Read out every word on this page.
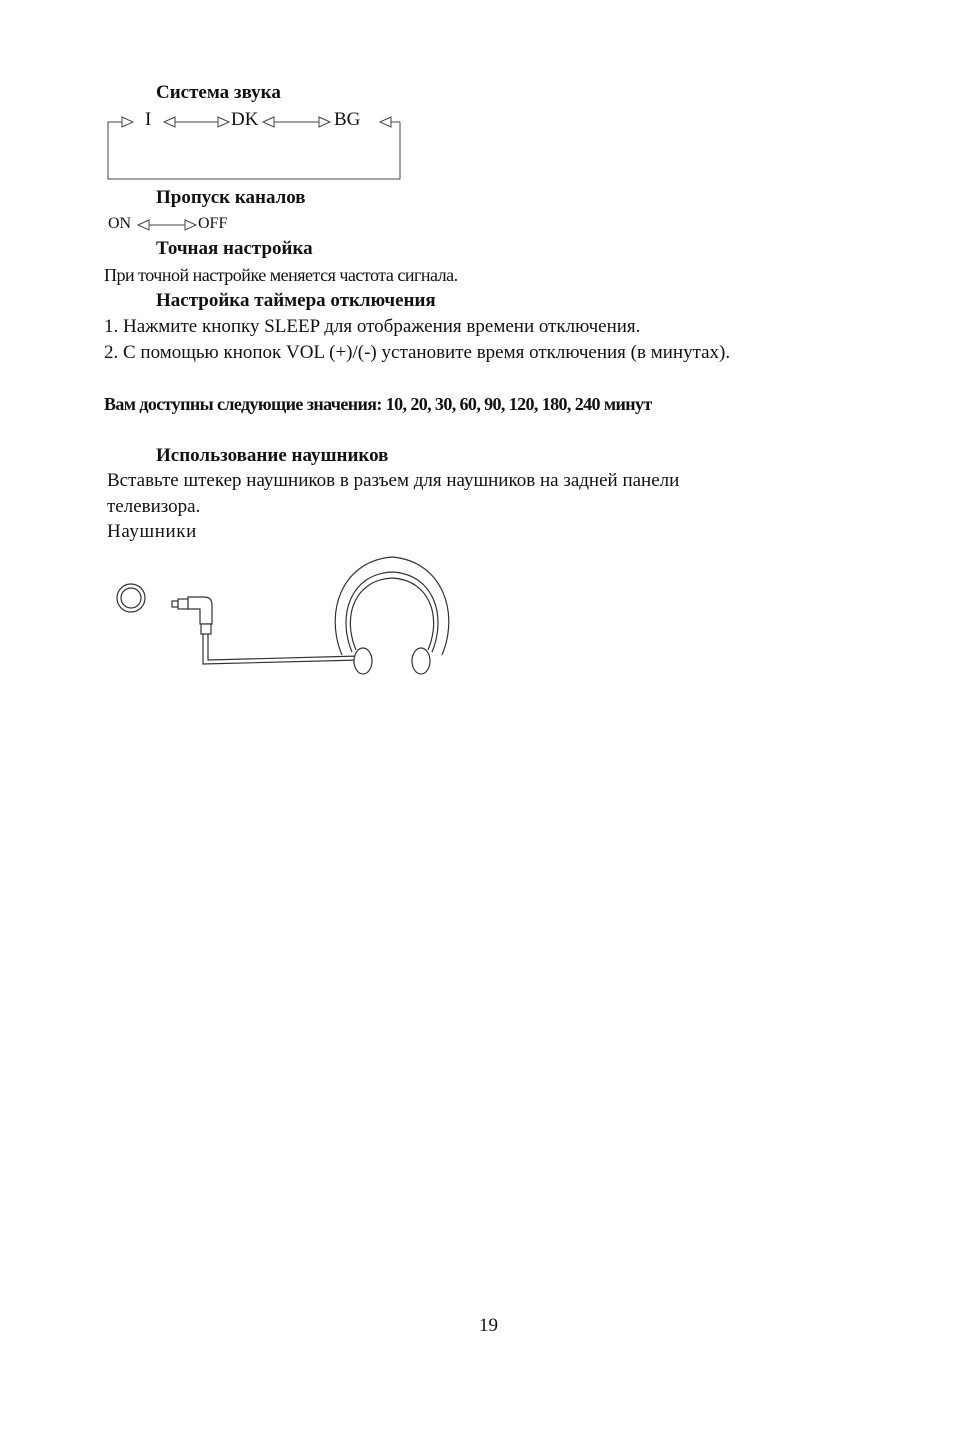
Система звука
I	DK	BG
Пропуск каналов
ON	OFF
Точная настройка
При точной настройке меняется частота сигнала.
Настройка таймера отключения
1. Нажмите кнопку SLEEP для отображения времени отключения.
2. С помощью кнопок VOL (+)/(-) установите время отключения (в минутах).
Вам доступны следующие значения: 10, 20, 30, 60, 90, 120, 180, 240 минут
Использование наушников
Вставьте штекер наушников в разъем для наушников на задней панели
телевизора.
Наушники
19
